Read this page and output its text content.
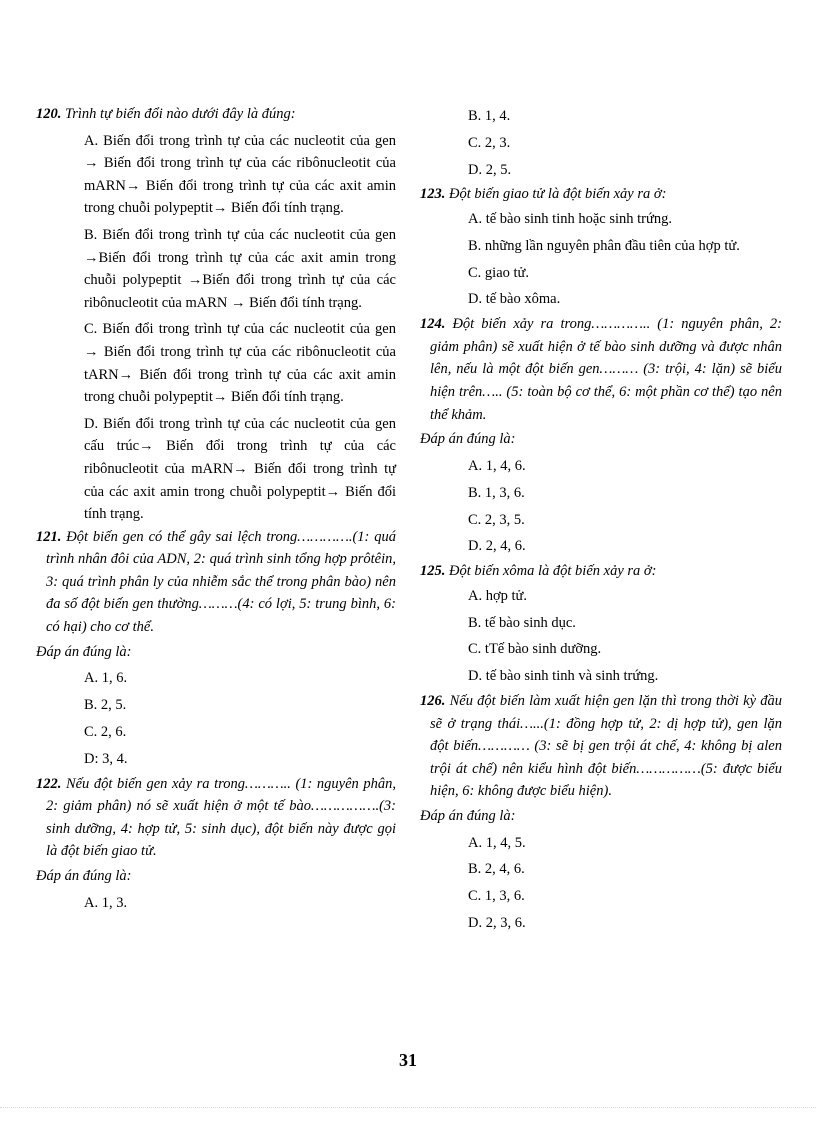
120. Trình tự biến đổi nào dưới đây là đúng:
A. Biến đổi trong trình tự của các nucleotit của gen → Biến đổi trong trình tự của các ribônucleotit của mARN→ Biến đổi trong trình tự của các axit amin trong chuỗi polypeptit→ Biến đổi tính trạng.
B. Biến đổi trong trình tự của các nucleotit của gen →Biến đổi trong trình tự của các axit amin trong chuỗi polypeptit →Biến đổi trong trình tự của các ribônucleotit của mARN → Biến đổi tính trạng.
C. Biến đổi trong trình tự của các nucleotit của gen → Biến đổi trong trình tự của các ribônucleotit của tARN→ Biến đổi trong trình tự của các axit amin trong chuỗi polypeptit→ Biến đổi tính trạng.
D. Biến đổi trong trình tự của các nucleotit của gen cấu trúc→ Biến đổi trong trình tự của các ribônucleotit của mARN→ Biến đổi trong trình tự của các axit amin trong chuỗi polypeptit→ Biến đổi tính trạng.
121. Đột biến gen có thể gây sai lệch trong………….(1: quá trình nhân đôi của ADN, 2: quá trình sinh tổng hợp prôtêin, 3: quá trình phân ly của nhiễm sắc thể trong phân bào) nên đa số đột biến gen thường………(4: có lợi, 5: trung bình, 6: có hại) cho cơ thể.
Đáp án đúng là:
A. 1, 6.
B. 2, 5.
C. 2, 6.
D: 3, 4.
122. Nếu đột biến gen xảy ra trong……….. (1: nguyên phân, 2: giảm phân) nó sẽ xuất hiện ở một tế bào…………….(3: sinh dưỡng, 4: hợp tử, 5: sinh dục), đột biến này được gọi là đột biến giao tử.
Đáp án đúng là:
A. 1, 3.
B. 1, 4.
C. 2, 3.
D. 2, 5.
123. Đột biến giao tử là đột biến xảy ra ở:
A. tế bào sinh tinh hoặc sinh trứng.
B. những lần nguyên phân đầu tiên của hợp tử.
C. giao tử.
D. tế bào xôma.
124. Đột biến xảy ra trong………….. (1: nguyên phân, 2: giảm phân) sẽ xuất hiện ở tế bào sinh dưỡng và được nhân lên, nếu là một đột biến gen……… (3: trội, 4: lặn) sẽ biểu hiện trên….. (5: toàn bộ cơ thể, 6: một phần cơ thể) tạo nên thể khảm.
Đáp án đúng là:
A. 1, 4, 6.
B. 1, 3, 6.
C. 2, 3, 5.
D. 2, 4, 6.
125. Đột biến xôma là đột biến xảy ra ở:
A. hợp tử.
B. tế bào sinh dục.
C. tTế bào sinh dưỡng.
D. tế bào sinh tinh và sinh trứng.
126. Nếu đột biến làm xuất hiện gen lặn thì trong thời kỳ đầu sẽ ở trạng thái…...(1: đồng hợp tử, 2: dị hợp tử), gen lặn đột biến………… (3: sẽ bị gen trội át chế, 4: không bị alen trội át chế) nên kiểu hình đột biến……………(5: được biểu hiện, 6: không được biểu hiện).
Đáp án đúng là:
A. 1, 4, 5.
B. 2, 4, 6.
C. 1, 3, 6.
D. 2, 3, 6.
31
